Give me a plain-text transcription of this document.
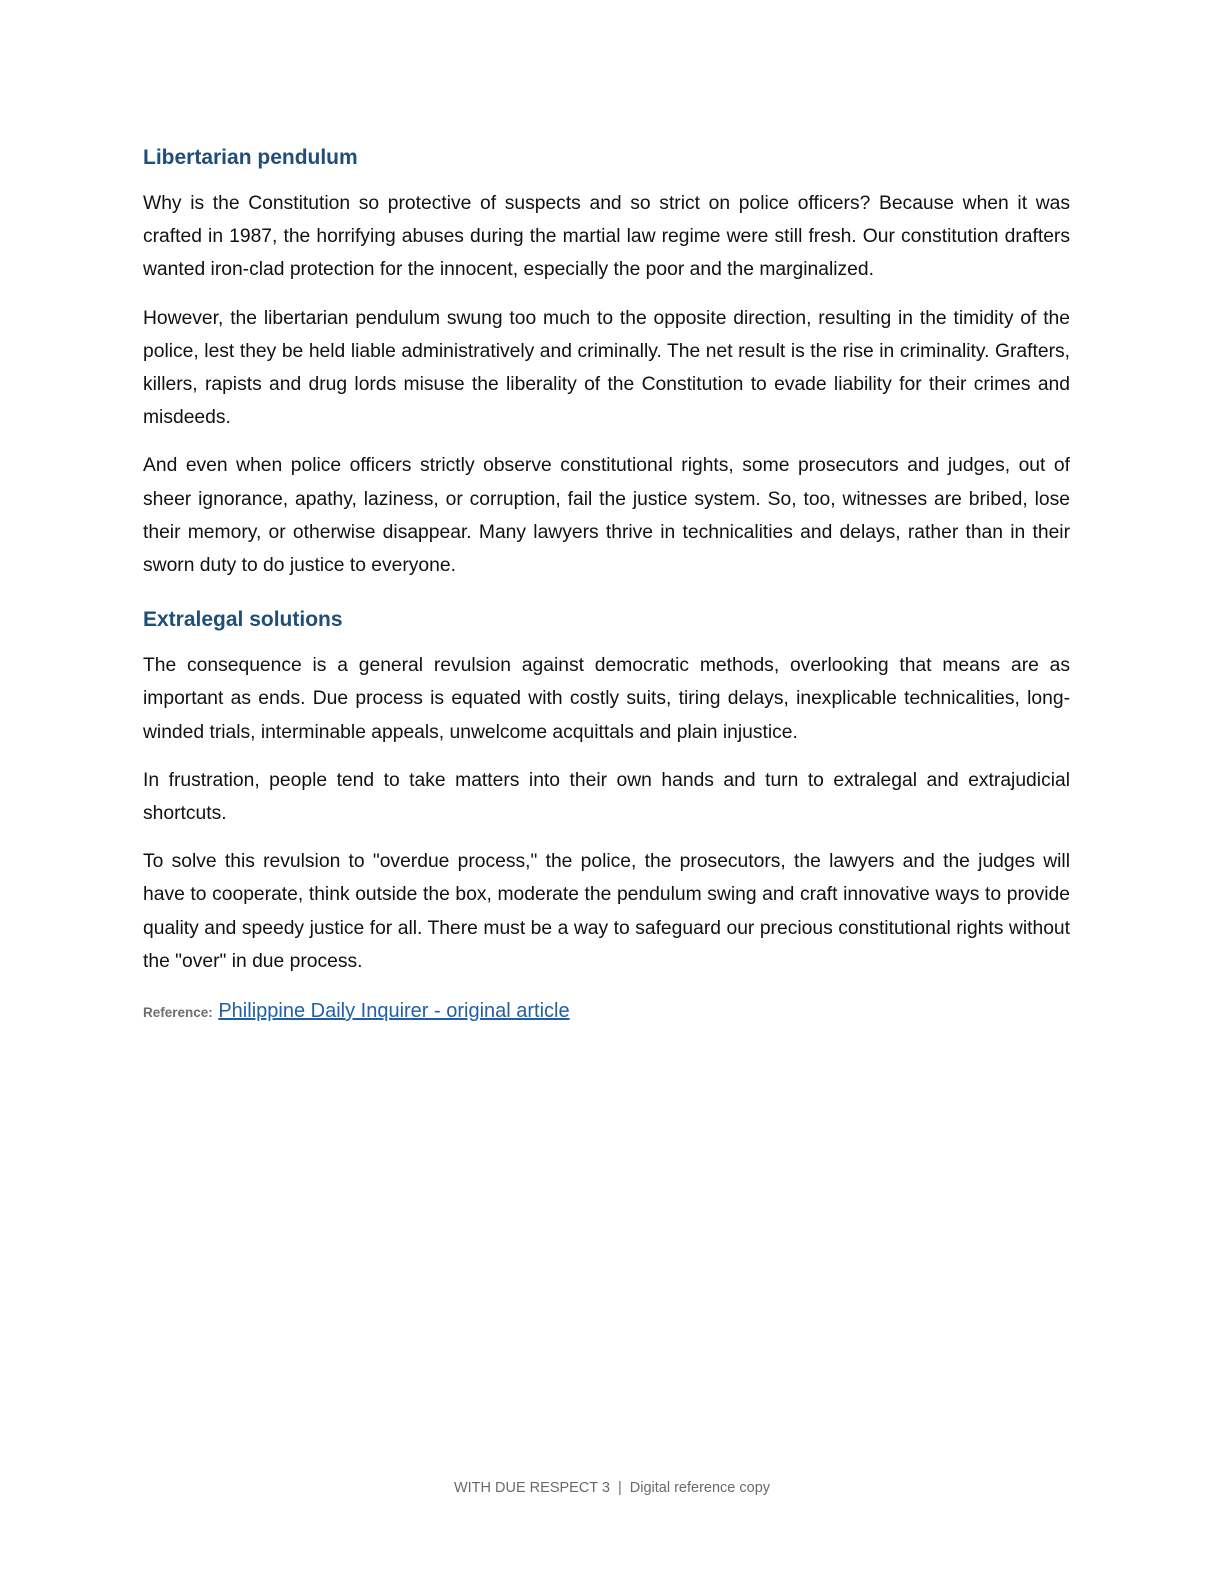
Libertarian pendulum

Why is the Constitution so protective of suspects and so strict on police officers? Because when it was crafted in 1987, the horrifying abuses during the martial law regime were still fresh. Our constitution drafters wanted iron-clad protection for the innocent, especially the poor and the marginalized.

However, the libertarian pendulum swung too much to the opposite direction, resulting in the timidity of the police, lest they be held liable administratively and criminally. The net result is the rise in criminality. Grafters, killers, rapists and drug lords misuse the liberality of the Constitution to evade liability for their crimes and misdeeds.

And even when police officers strictly observe constitutional rights, some prosecutors and judges, out of sheer ignorance, apathy, laziness, or corruption, fail the justice system. So, too, witnesses are bribed, lose their memory, or otherwise disappear. Many lawyers thrive in technicalities and delays, rather than in their sworn duty to do justice to everyone.

Extralegal solutions

The consequence is a general revulsion against democratic methods, overlooking that means are as important as ends. Due process is equated with costly suits, tiring delays, inexplicable technicalities, long-winded trials, interminable appeals, unwelcome acquittals and plain injustice.

In frustration, people tend to take matters into their own hands and turn to extralegal and extrajudicial shortcuts.

To solve this revulsion to "overdue process," the police, the prosecutors, the lawyers and the judges will have to cooperate, think outside the box, moderate the pendulum swing and craft innovative ways to provide quality and speedy justice for all. There must be a way to safeguard our precious constitutional rights without the "over" in due process.

Reference: Philippine Daily Inquirer - original article
WITH DUE RESPECT 3 | Digital reference copy
